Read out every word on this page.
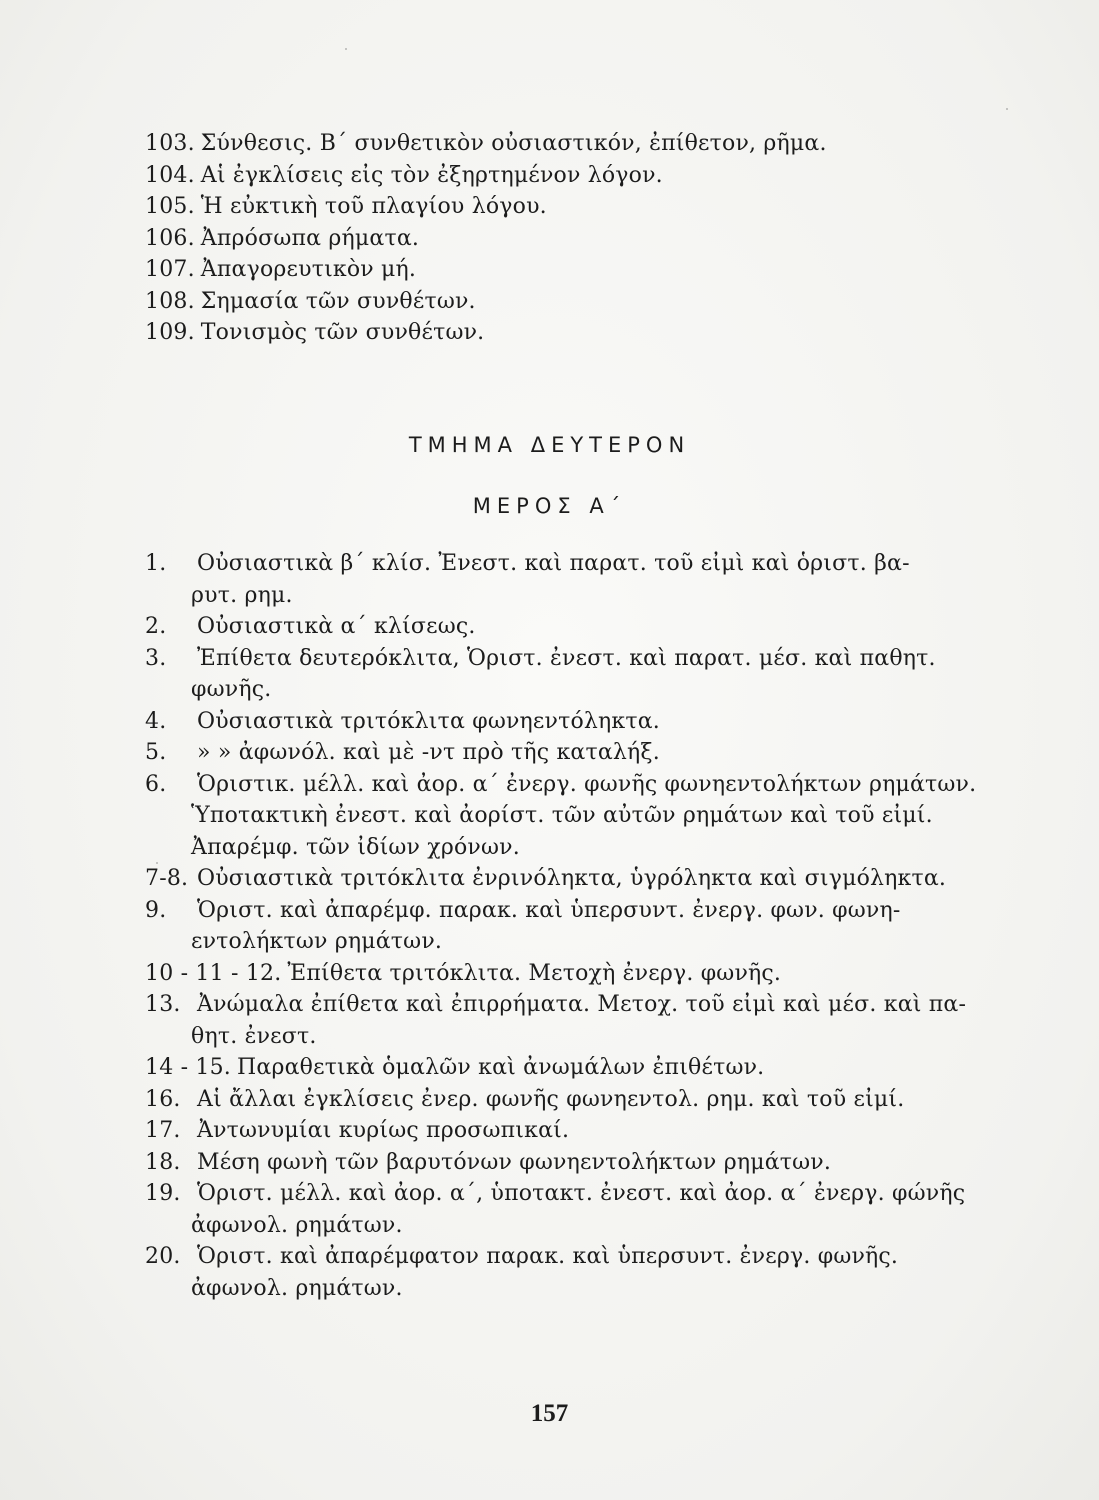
103. Σύνθεσις. Β΄ συνθετικὸν οὐσιαστικόν, ἐπίθετον, ρῆμα.
104. Αἱ ἐγκλίσεις εἰς τὸν ἐξηρτημένον λόγον.
105. Ἡ εὐκτικὴ τοῦ πλαγίου λόγου.
106. Ἀπρόσωπα ρήματα.
107. Ἀπαγορευτικὸν μή.
108. Σημασία τῶν συνθέτων.
109. Τονισμὸς τῶν συνθέτων.
ΤΜΗΜΑ ΔΕΥΤΕΡΟΝ
ΜΕΡΟΣ Α΄
1. Οὐσιαστικὰ β΄ κλίσ. Ἐνεστ. καὶ παρατ. τοῦ εἰμὶ καὶ ὁριστ. βα-
ρυτ. ρημ.
2. Οὐσιαστικὰ α΄ κλίσεως.
3. Ἐπίθετα δευτερόκλιτα, Ὁριστ. ἐνεστ. καὶ παρατ. μέσ. καὶ παθητ.
φωνῆς.
4. Οὐσιαστικὰ τριτόκλιτα φωνηεντόληκτα.
5. » » ἀφωνόλ. καὶ μὲ -ντ πρὸ τῆς καταλήξ.
6. Ὁριστικ. μέλλ. καὶ ἀορ. α΄ ἐνεργ. φωνῆς φωνηεντολήκτων ρημάτων.
Ὑποτακτικὴ ἐνεστ. καὶ ἀορίστ. τῶν αὐτῶν ρημάτων καὶ τοῦ εἰμί.
Ἀπαρέμφ. τῶν ἰδίων χρόνων.
7-8. Οὐσιαστικὰ τριτόκλιτα ἐνρινόληκτα, ὑγρόληκτα καὶ σιγμόληκτα.
9. Ὁριστ. καὶ ἀπαρέμφ. παρακ. καὶ ὑπερσυντ. ἐνεργ. φων. φωνη-
εντολήκτων ρημάτων.
10 - 11 - 12. Ἐπίθετα τριτόκλιτα. Μετοχὴ ἐνεργ. φωνῆς.
13. Ἀνώμαλα ἐπίθετα καὶ ἐπιρρήματα. Μετοχ. τοῦ εἰμὶ καὶ μέσ. καὶ πα-
θητ. ἐνεστ.
14 - 15. Παραθετικὰ ὁμαλῶν καὶ ἀνωμάλων ἐπιθέτων.
16. Αἱ ἄλλαι ἐγκλίσεις ἐνερ. φωνῆς φωνηεντολ. ρημ. καὶ τοῦ εἰμί.
17. Ἀντωνυμίαι κυρίως προσωπικαί.
18. Μέση φωνὴ τῶν βαρυτόνων φωνηεντολήκτων ρημάτων.
19. Ὁριστ. μέλλ. καὶ ἀορ. α΄, ὑποτακτ. ἐνεστ. καὶ ἀορ. α΄ ἐνεργ. φώνῆς
ἀφωνολ. ρημάτων.
20. Ὁριστ. καὶ ἀπαρέμφατον παρακ. καὶ ὑπερσυντ. ἐνεργ. φωνῆς.
ἀφωνολ. ρημάτων.
157
